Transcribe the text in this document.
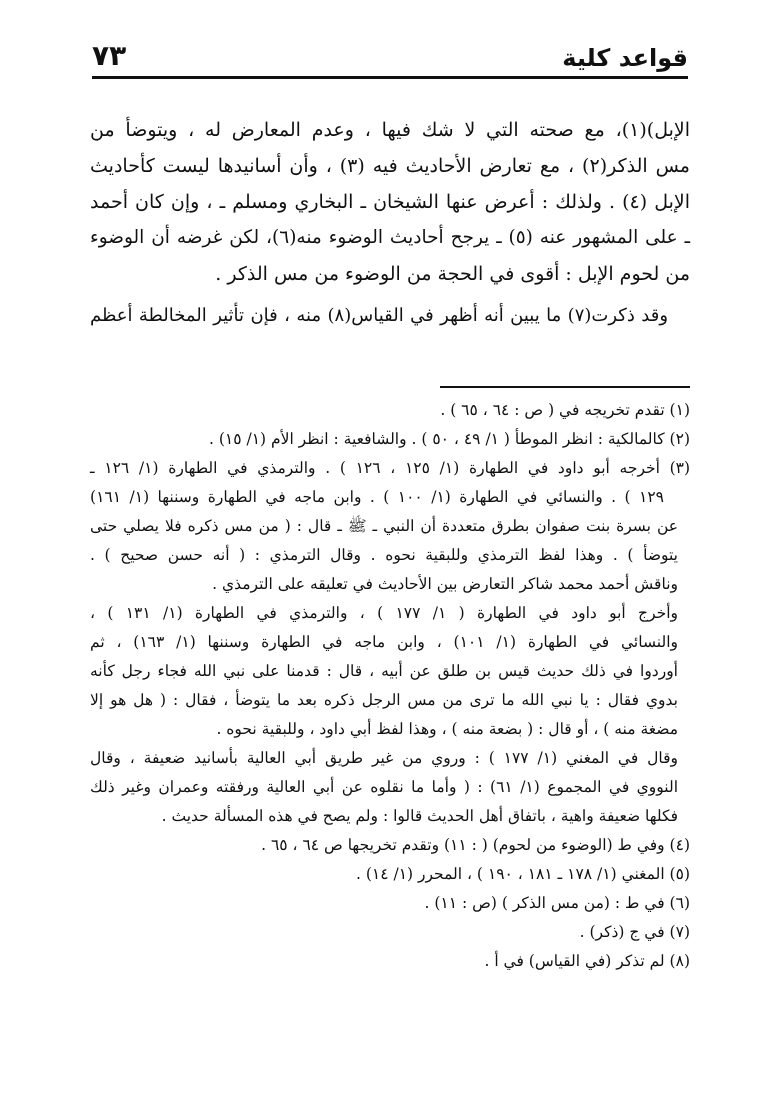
قواعد كلية
٧٣
الإبل)(١)، مع صحته التي لا شك فيها ، وعدم المعارض له ، ويتوضأ من
مس الذكر(٢) ، مع تعارض الأحاديث فيه (٣) ، وأن أسانيدها ليست كأحاديث
الإبل (٤) . ولذلك : أعرض عنها الشيخان ـ البخاري ومسلم ـ ، وإن كان أحمد
ـ على المشهور عنه (٥) ـ يرجح أحاديث الوضوء منه(٦)، لكن غرضه أن الوضوء
من لحوم الإبل : أقوى في الحجة من الوضوء من مس الذكر .
وقد ذكرت(٧) ما يبين أنه أظهر في القياس(٨) منه ، فإن تأثير المخالطة أعظم
(١) تقدم تخريجه في ( ص : ٦٤ ، ٦٥ ) .
(٢) كالمالكية : انظر الموطأ ( ١/ ٤٩ ، ٥٠ ) . والشافعية : انظر الأم (١/ ١٥) .
(٣) أخرجه أبو داود في الطهارة (١/ ١٢٥ ، ١٢٦ ) . والترمذي في الطهارة (١/ ١٢٦ ـ
١٢٩ ) . والنسائي في الطهارة (١/ ١٠٠ ) . وابن ماجه في الطهارة وسننها (١/ ١٦١)
عن بسرة بنت صفوان بطرق متعددة أن النبي ـ ﷺ ـ قال : ( من مس ذكره فلا يصلي حتى
يتوضأ ) . وهذا لفظ الترمذي وللبقية نحوه . وقال الترمذي : ( أنه حسن صحيح ) .
وناقش أحمد محمد شاكر التعارض بين الأحاديث في تعليقه على الترمذي .
وأخرج أبو داود في الطهارة ( ١/ ١٧٧ ) ، والترمذي في الطهارة (١/ ١٣١ ) ،
والنسائي في الطهارة (١/ ١٠١) ، وابن ماجه في الطهارة وسننها (١/ ١٦٣) ، ثم
أوردوا في ذلك حديث قيس بن طلق عن أبيه ، قال : قدمنا على نبي الله فجاء رجل كأنه
بدوي فقال : يا نبي الله ما ترى من مس الرجل ذكره بعد ما يتوضأ ، فقال : ( هل هو إلا
مضغة منه ) ، أو قال : ( بضعة منه ) ، وهذا لفظ أبي داود ، وللبقية نحوه .
وقال في المغني (١/ ١٧٧ ) : وروي من غير طريق أبي العالية بأسانيد ضعيفة ، وقال
النووي في المجموع (١/ ٦١) : ( وأما ما نقلوه عن أبي العالية ورفقته وعمران وغير ذلك
فكلها ضعيفة واهية ، باتفاق أهل الحديث قالوا : ولم يصح في هذه المسألة حديث .
(٤) وفي ط (الوضوء من لحوم) ( : ١١) وتقدم تخريجها ص ٦٤ ، ٦٥ .
(٥) المغني (١/ ١٧٨ ـ ١٨١ ، ١٩٠ ) ، المحرر (١/ ١٤) .
(٦) في ط : (من مس الذكر ) (ص : ١١) .
(٧) في ج (ذكر) .
(٨) لم تذكر (في القياس) في أ .
